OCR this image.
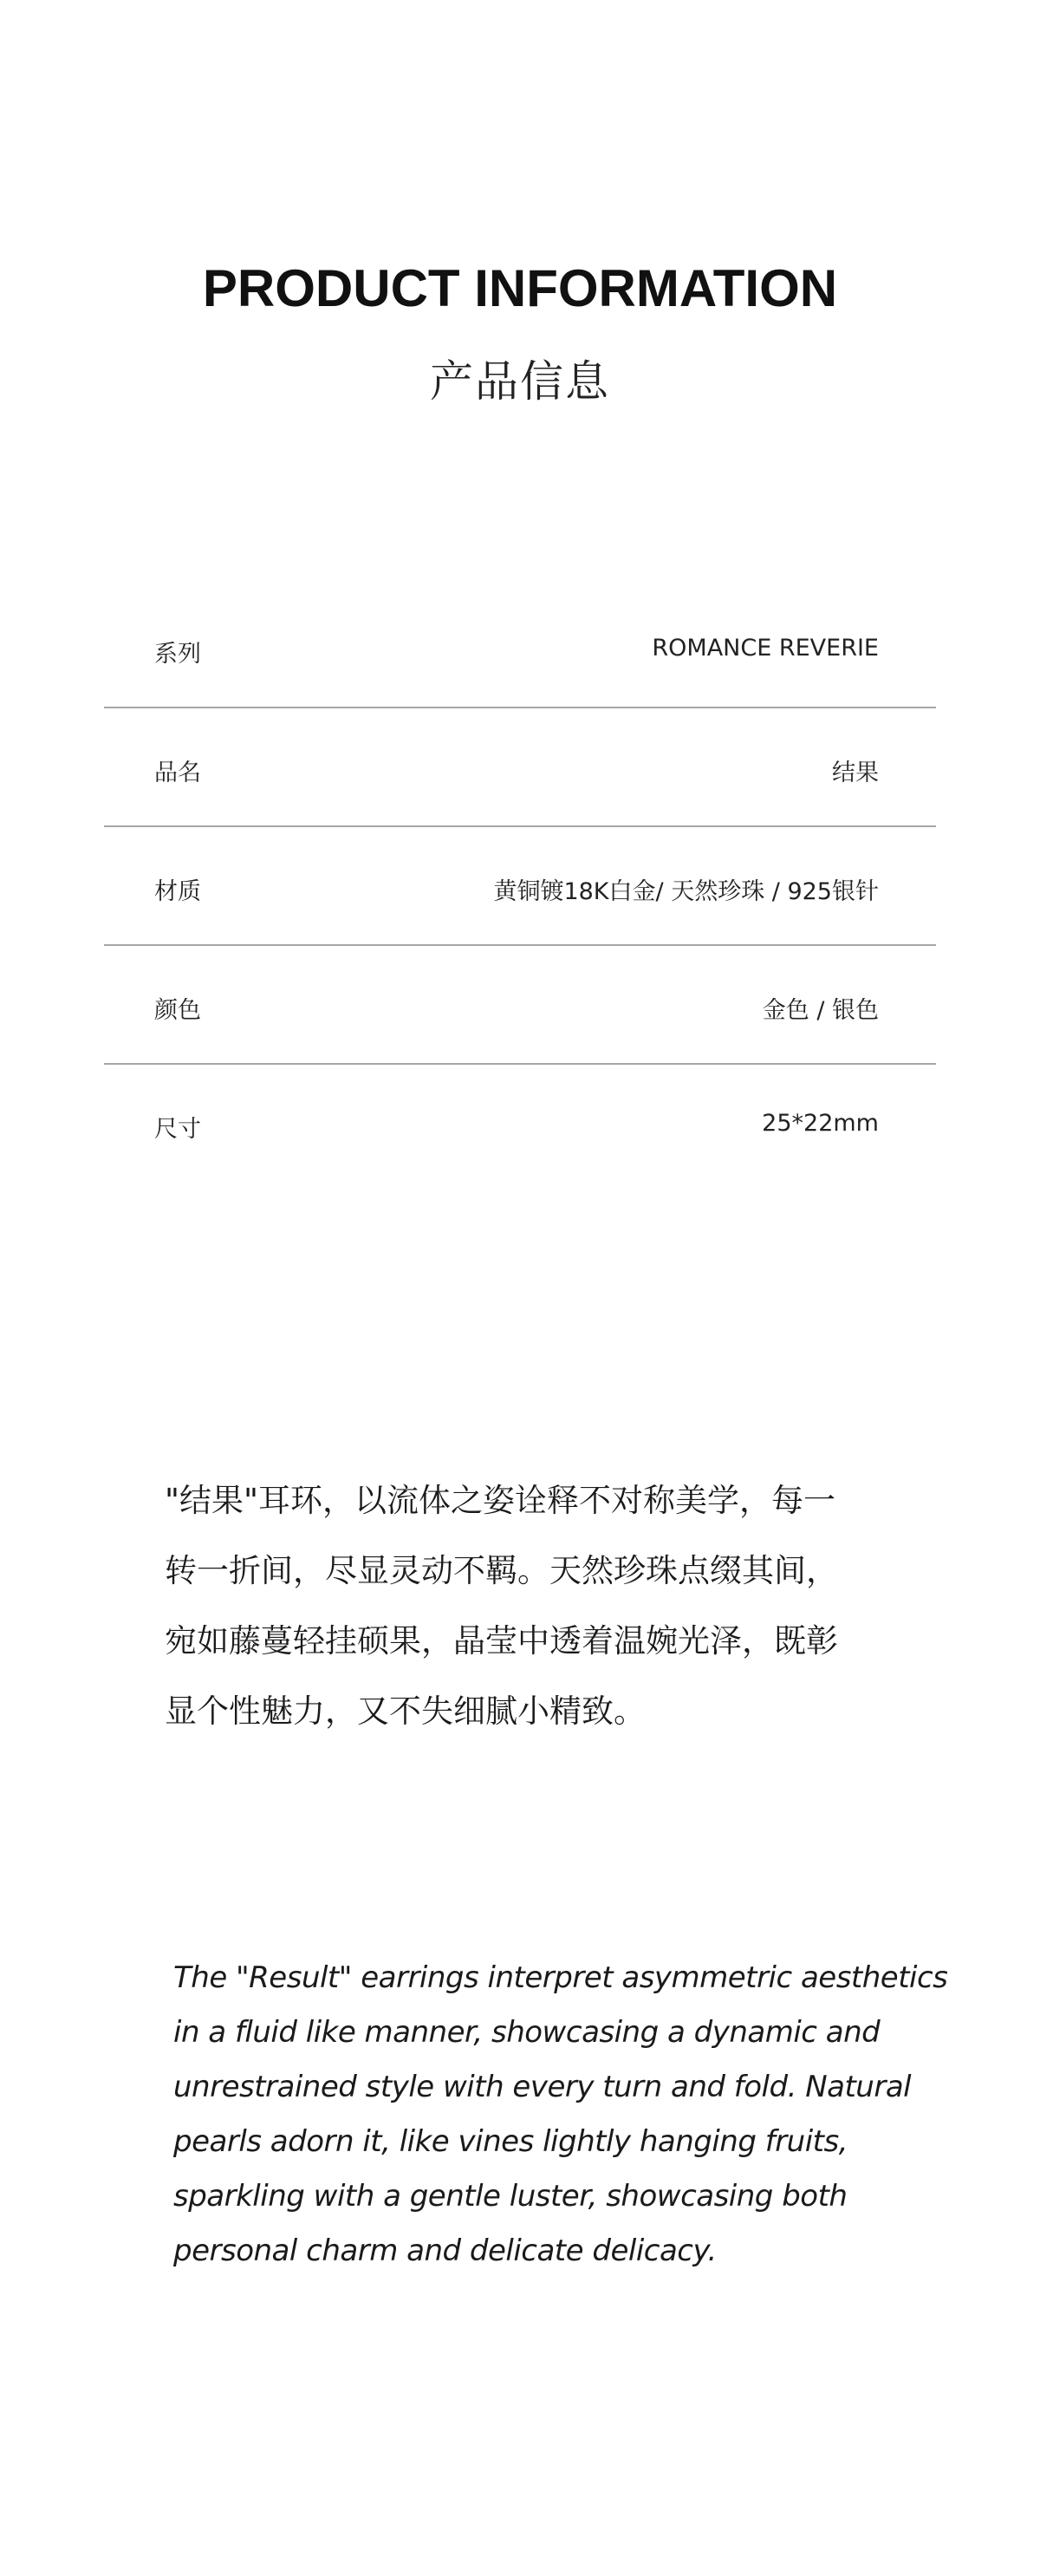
PRODUCT INFORMATION
产品信息
系列	ROMANCE REVERIE
品名	结果
材质	黄铜镀18K白金/ 天然珍珠 / 925银针
颜色	金色 / 银色
尺寸	25*22mm

"结果"耳环，以流体之姿诠释不对称美学，每一

转一折间，尽显灵动不羁。天然珍珠点缀其间，

宛如藤蔓轻挂硕果，晶莹中透着温婉光泽，既彰

显个性魅力，又不失细腻小精致。

The "Result" earrings interpret asymmetric aesthetics

in a fluid like manner, showcasing a dynamic and

unrestrained style with every turn and fold. Natural

pearls adorn it, like vines lightly hanging fruits,

sparkling with a gentle luster, showcasing both

personal charm and delicate delicacy.
